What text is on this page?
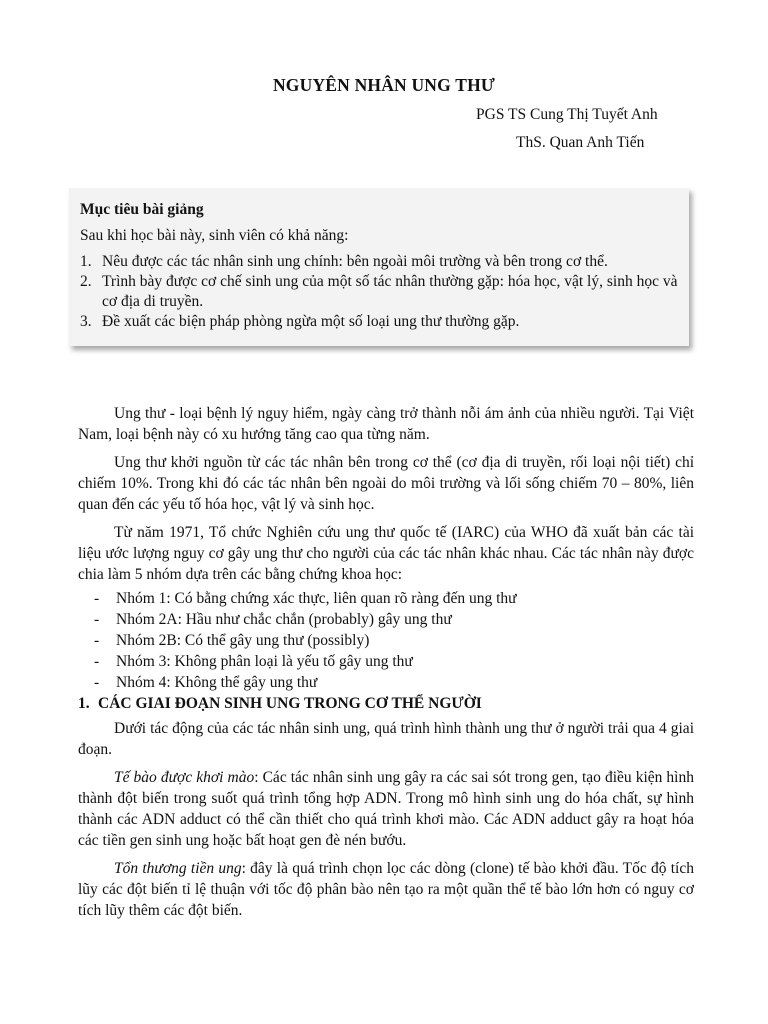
NGUYÊN NHÂN UNG THƯ

PGS TS Cung Thị Tuyết Anh

ThS. Quan Anh Tiến

Mục tiêu bài giảng

Sau khi học bài này, sinh viên có khả năng:

1. Nêu được các tác nhân sinh ung chính: bên ngoài môi trường và bên trong cơ thể.
2. Trình bày được cơ chế sinh ung của một số tác nhân thường gặp: hóa học, vật lý, sinh học và cơ địa di truyền.
3. Đề xuất các biện pháp phòng ngừa một số loại ung thư thường gặp.

Ung thư - loại bệnh lý nguy hiểm, ngày càng trở thành nỗi ám ảnh của nhiều người. Tại Việt Nam, loại bệnh này có xu hướng tăng cao qua từng năm.

Ung thư khởi nguồn từ các tác nhân bên trong cơ thể (cơ địa di truyền, rối loại nội tiết) chỉ chiếm 10%. Trong khi đó các tác nhân bên ngoài do môi trường và lối sống chiếm 70 – 80%, liên quan đến các yếu tố hóa học, vật lý và sinh học.

Từ năm 1971, Tổ chức Nghiên cứu ung thư quốc tế (IARC) của WHO đã xuất bản các tài liệu ước lượng nguy cơ gây ung thư cho người của các tác nhân khác nhau. Các tác nhân này được chia làm 5 nhóm dựa trên các bằng chứng khoa học:

- Nhóm 1: Có bằng chứng xác thực, liên quan rõ ràng đến ung thư
- Nhóm 2A: Hầu như chắc chắn (probably) gây ung thư
- Nhóm 2B: Có thể gây ung thư (possibly)
- Nhóm 3: Không phân loại là yếu tố gây ung thư
- Nhóm 4: Không thể gây ung thư
1. CÁC GIAI ĐOẠN SINH UNG TRONG CƠ THỂ NGƯỜI

Dưới tác động của các tác nhân sinh ung, quá trình hình thành ung thư ở người trải qua 4 giai đoạn.

Tế bào được khơi mào: Các tác nhân sinh ung gây ra các sai sót trong gen, tạo điều kiện hình thành đột biến trong suốt quá trình tổng hợp ADN. Trong mô hình sinh ung do hóa chất, sự hình thành các ADN adduct có thể cần thiết cho quá trình khơi mào. Các ADN adduct gây ra hoạt hóa các tiền gen sinh ung hoặc bất hoạt gen đè nén bướu.

Tổn thương tiền ung: đây là quá trình chọn lọc các dòng (clone) tế bào khởi đầu. Tốc độ tích lũy các đột biến tỉ lệ thuận với tốc độ phân bào nên tạo ra một quần thể tế bào lớn hơn có nguy cơ tích lũy thêm các đột biến.
